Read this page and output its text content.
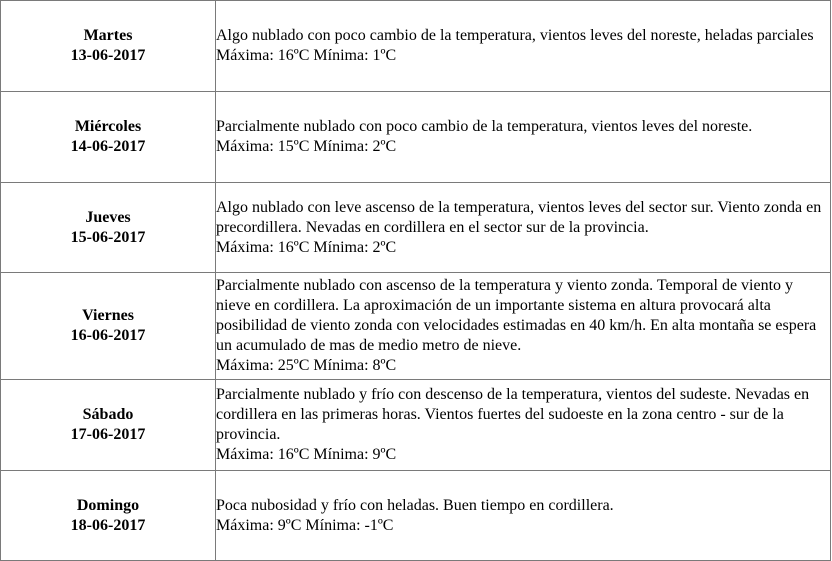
Martes
13-06-2017	Algo nublado con poco cambio de la temperatura, vientos leves del noreste, heladas parciales
Máxima: 16ºC Mínima: 1ºC

Miércoles
14-06-2017	Parcialmente nublado con poco cambio de la temperatura, vientos leves del noreste.
Máxima: 15ºC Mínima: 2ºC

Jueves
15-06-2017	Algo nublado con leve ascenso de la temperatura, vientos leves del sector sur. Viento zonda en precordillera. Nevadas en cordillera en el sector sur de la provincia.
Máxima: 16ºC Mínima: 2ºC

Viernes
16-06-2017	Parcialmente nublado con ascenso de la temperatura y viento zonda. Temporal de viento y nieve en cordillera. La aproximación de un importante sistema en altura provocará alta posibilidad de viento zonda con velocidades estimadas en 40 km/h. En alta montaña se espera un acumulado de mas de medio metro de nieve.
Máxima: 25ºC Mínima: 8ºC

Sábado
17-06-2017	Parcialmente nublado y frío con descenso de la temperatura, vientos del sudeste. Nevadas en cordillera en las primeras horas. Vientos fuertes del sudoeste en la zona centro - sur de la provincia.
Máxima: 16ºC Mínima: 9ºC

Domingo
18-06-2017	Poca nubosidad y frío con heladas. Buen tiempo en cordillera.
Máxima: 9ºC Mínima: -1ºC
